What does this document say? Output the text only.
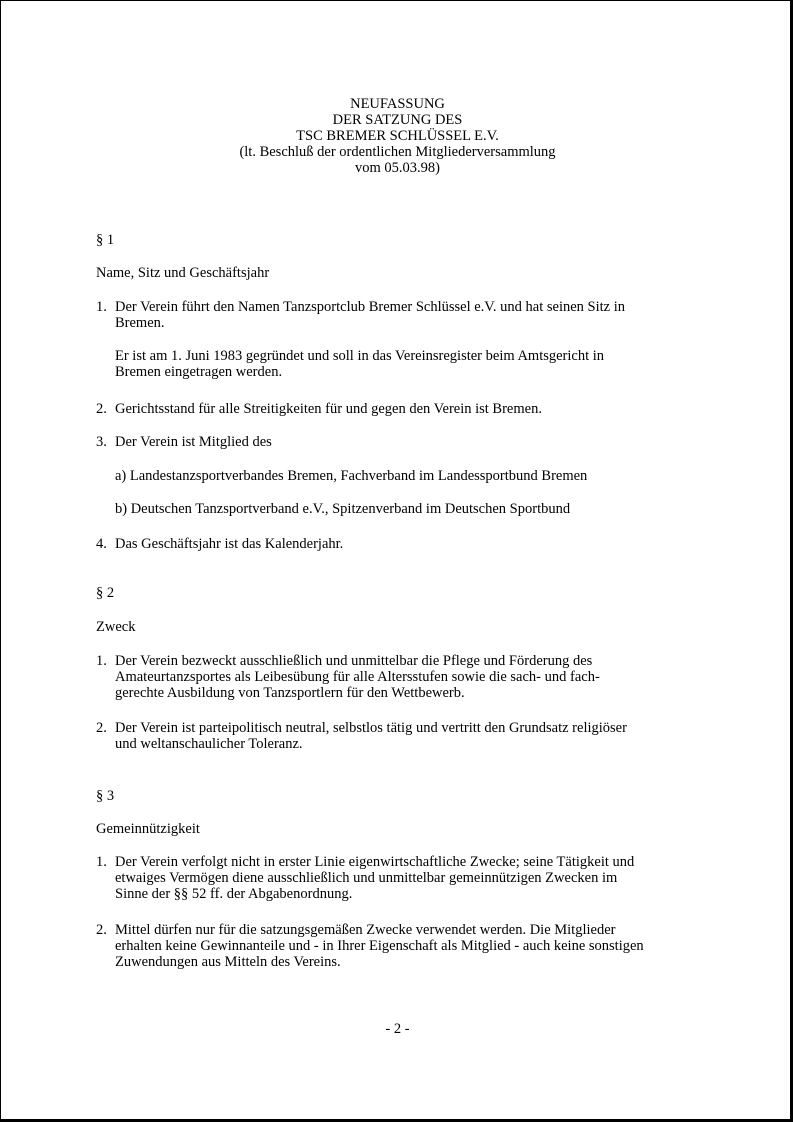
NEUFASSUNG
DER SATZUNG DES
TSC BREMER SCHLÜSSEL E.V.
(lt. Beschluß der ordentlichen Mitgliederversammlung
vom 05.03.98)
§ 1
Name, Sitz und Geschäftsjahr
1. Der Verein führt den Namen Tanzsportclub Bremer Schlüssel e.V. und hat seinen Sitz in
Bremen.
Er ist am 1. Juni 1983 gegründet und soll in das Vereinsregister beim Amtsgericht in
Bremen eingetragen werden.
2. Gerichtsstand für alle Streitigkeiten für und gegen den Verein ist Bremen.
3. Der Verein ist Mitglied des
a) Landestanzsportverbandes Bremen, Fachverband im Landessportbund Bremen
b) Deutschen Tanzsportverband e.V., Spitzenverband im Deutschen Sportbund
4. Das Geschäftsjahr ist das Kalenderjahr.
§ 2
Zweck
1. Der Verein bezweckt ausschließlich und unmittelbar die Pflege und Förderung des
Amateurtanzsportes als Leibesübung für alle Altersstufen sowie die sach- und fach-
gerechte Ausbildung von Tanzsportlern für den Wettbewerb.
2. Der Verein ist parteipolitisch neutral, selbstlos tätig und vertritt den Grundsatz religiöser
und weltanschaulicher Toleranz.
§ 3
Gemeinnützigkeit
1. Der Verein verfolgt nicht in erster Linie eigenwirtschaftliche Zwecke; seine Tätigkeit und
etwaiges Vermögen diene ausschließlich und unmittelbar gemeinnützigen Zwecken im
Sinne der §§ 52 ff. der Abgabenordnung.
2. Mittel dürfen nur für die satzungsgemäßen Zwecke verwendet werden. Die Mitglieder
erhalten keine Gewinnanteile und - in Ihrer Eigenschaft als Mitglied - auch keine sonstigen
Zuwendungen aus Mitteln des Vereins.
- 2 -
